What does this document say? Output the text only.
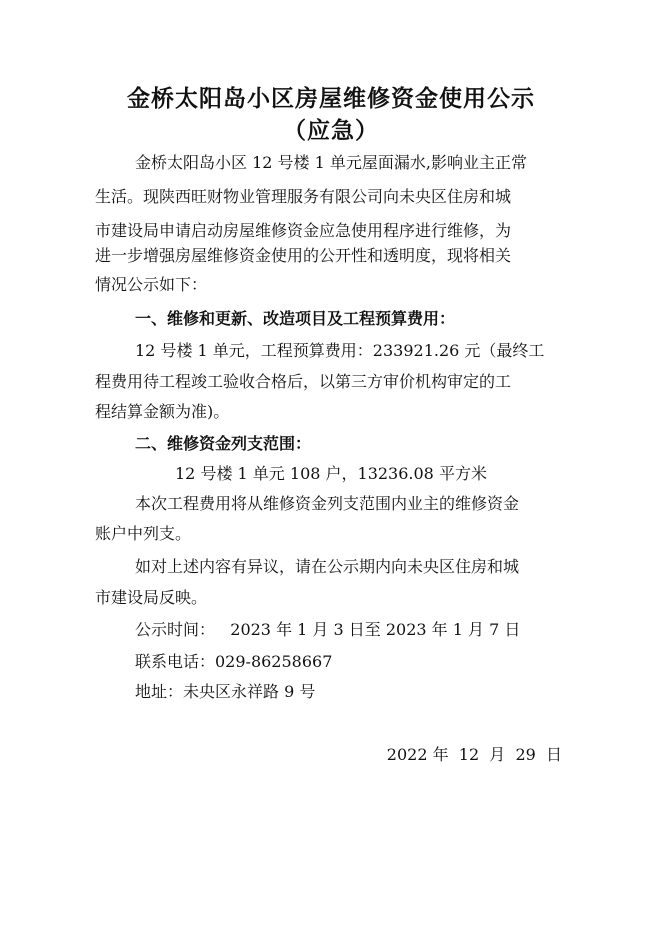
金桥太阳岛小区房屋维修资金使用公示
（应急）
金桥太阳岛小区 12 号楼 1 单元屋面漏水,影响业主正常
生活。现陕西旺财物业管理服务有限公司向未央区住房和城
市建设局申请启动房屋维修资金应急使用程序进行维修，为
进一步增强房屋维修资金使用的公开性和透明度，现将相关
情况公示如下：
一、维修和更新、改造项目及工程预算费用：
12 号楼 1 单元，工程预算费用：233921.26 元（最终工
程费用待工程竣工验收合格后，以第三方审价机构审定的工
程结算金额为准)。
二、维修资金列支范围：
12 号楼 1 单元 108 户，13236.08 平方米
本次工程费用将从维修资金列支范围内业主的维修资金
账户中列支。
如对上述内容有异议，请在公示期内向未央区住房和城
市建设局反映。
公示时间：   2023 年 1 月 3 日至 2023 年 1 月 7 日
联系电话：029-86258667
地址：未央区永祥路 9 号
2022 年  12  月  29  日
